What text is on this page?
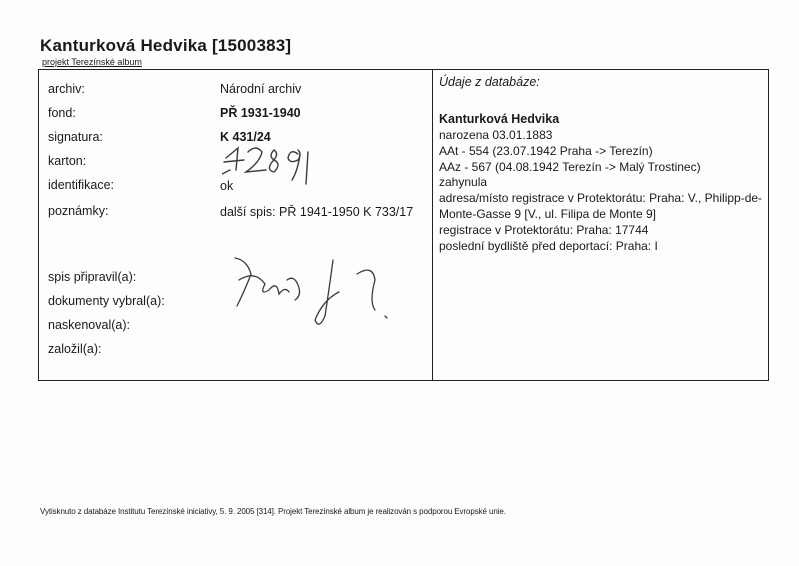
Kanturková Hedvika [1500383]
projekt Terezínské album
archiv:	Národní archiv
fond:	PŘ 1931-1940
signatura:	K 431/24
karton:
identifikace:	ok
poznámky:	další spis: PŘ 1941-1950 K 733/17
spis připravil(a):
dokumenty vybral(a):
naskenoval(a):
založil(a):
Údaje z databáze:
Kanturková Hedvika
narozena 03.01.1883
AAt - 554 (23.07.1942 Praha -> Terezín)
AAz - 567 (04.08.1942 Terezín -> Malý Trostinec)
zahynula
adresa/místo registrace v Protektorátu: Praha: V., Philipp-de-Monte-Gasse 9 [V., ul. Filipa de Monte 9]
registrace v Protektorátu: Praha: 17744
poslední bydliště před deportací: Praha: I
Vytisknuto z databáze Institutu Terezínské iniciativy, 5. 9. 2005 [314]. Projekt Terezínské album je realizován s podporou Evropské unie.
